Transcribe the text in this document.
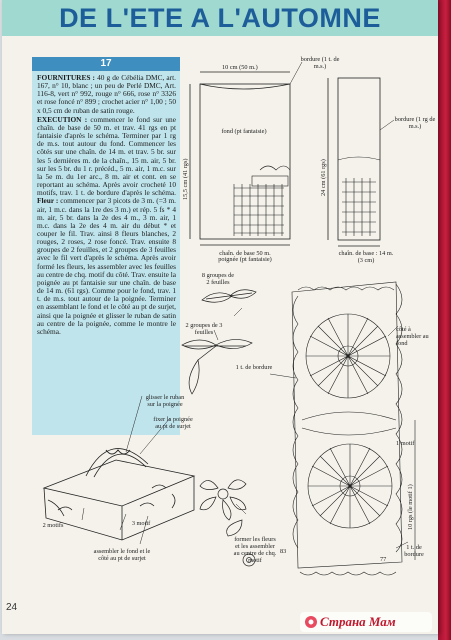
DE L'ETE A L'AUTOMNE
17

FOURNITURES : 40 g de Cébélia DMC, art. 167, n° 10, blanc ; un peu de Perlé DMC, Art. 116-8, vert n° 992, rouge n° 666, rose n° 3326 et rose foncé n° 899 ; crochet acier n° 1,00 ; 50 x 0,5 cm de ruban de satin rouge.

EXECUTION : commencer le fond sur une chaîn. de base de 50 m. et trav. 41 rgs en pt fantaisie d'après le schéma. Terminer par 1 rg de m.s. tout autour du fond. Commencer les côtés sur une chaîn. de 14 m. et trav. 5 br. sur les 5 dernières m. de la chaîn., 15 m. air, 5 br. sur les 5 br. du 1 r. précéd., 5 m. air, 1 m.c. sur la 5e m. du 1er arc., 8 m. air et cont. en se reportant au schéma. Après avoir crocheté 10 motifs, trav. 1 t. de bordure d'après le schéma. Fleur : commencer par 3 picots de 3 m. (=3 m. air, 1 m.c. dans la 1re des 3 m.) et rép. 5 fs * 4 m. air, 5 br. dans la 2e des 4 m., 3 m. air, 1 m.c. dans la 2e des 4 m. air du début * et couper le fil. Trav. ainsi 8 fleurs blanches, 2 rouges, 2 roses, 2 rose foncé. Trav. ensuite 8 groupes de 2 feuilles, et 2 groupes de 3 feuilles avec le fil vert d'après le schéma. Après avoir formé les fleurs, les assembler avec les feuilles au centre de chq. motif du côté. Trav. ensuite la poignée au pt fantaisie sur une chaîn. de base de 14 m. (61 rgs). Comme pour le fond, trav. 1 t. de m.s. tout autour de la poignée. Terminer en assemblant le fond et le côté au pt de surjet, ainsi que la poignée et glisser le ruban de satin au centre de la poignée, comme le montre le schéma.

10 cm (50 m.)
15,5 cm (41 rgs)	24 cm (61 rgs)
10 rgs (le motif 1)
83
77
bordure (1 t. de m.s.)
fond (pt fantaisie)
chaîn. de base 50 m.
bordure (1 rg de m.s.)
chaîn. de base : 14 m. (3 cm)
poignée (pt fantaisie)
8 groupes de 2 feuilles
2 groupes de 3 feuilles	côté à assembler au fond
1 t. de bordure
glisser le ruban sur la poignée
fixer la poignée au pt de surjet
2 motifs	3 motif
assembler le fond et le côté au pt de surjet
former les fleurs et les assembler au centre de chq. motif
1 t. de bordure
1 motif
24
Страна Мам
